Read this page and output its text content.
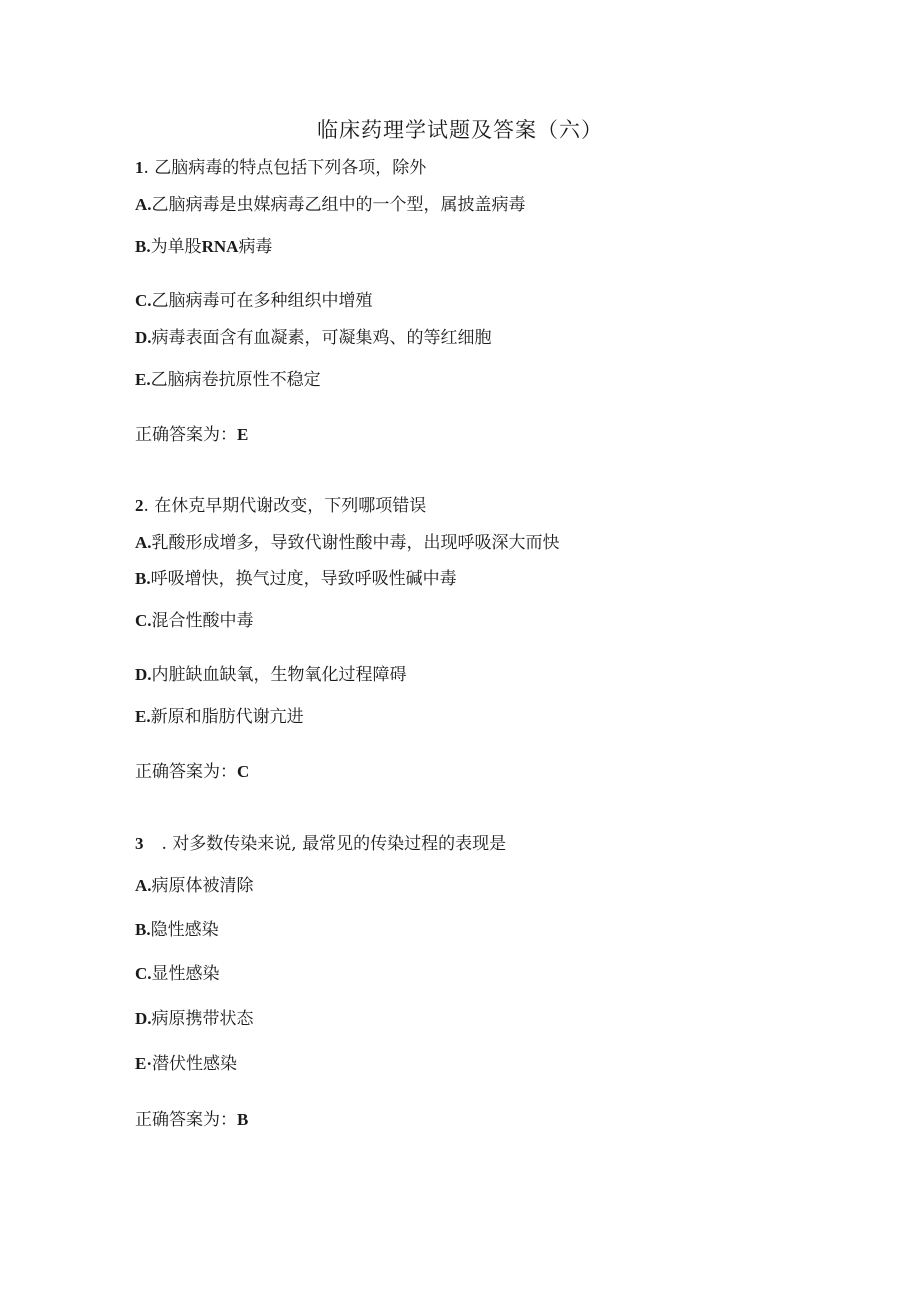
临床药理学试题及答案（六）
1. 乙脑病毒的特点包括下列各项，除外
A.乙脑病毒是虫媒病毒乙组中的一个型，属披盖病毒
B.为单股RNA病毒
C.乙脑病毒可在多种组织中增殖
D.病毒表面含有血凝素，可凝集鸡、的等红细胞
E.乙脑病卷抗原性不稳定
正确答案为：E
2. 在休克早期代谢改变，下列哪项错误
A.乳酸形成增多，导致代谢性酸中毒，出现呼吸深大而快
B.呼吸增快，换气过度，导致呼吸性碱中毒
C.混合性酸中毒
D.内脏缺血缺氧，生物氧化过程障碍
E.新原和脂肪代谢亢进
正确答案为：C
3 . 对多数传染来说, 最常见的传染过程的表现是
A.病原体被清除
B.隐性感染
C.显性感染
D.病原携带状态
E·潜伏性感染
正确答案为：B
